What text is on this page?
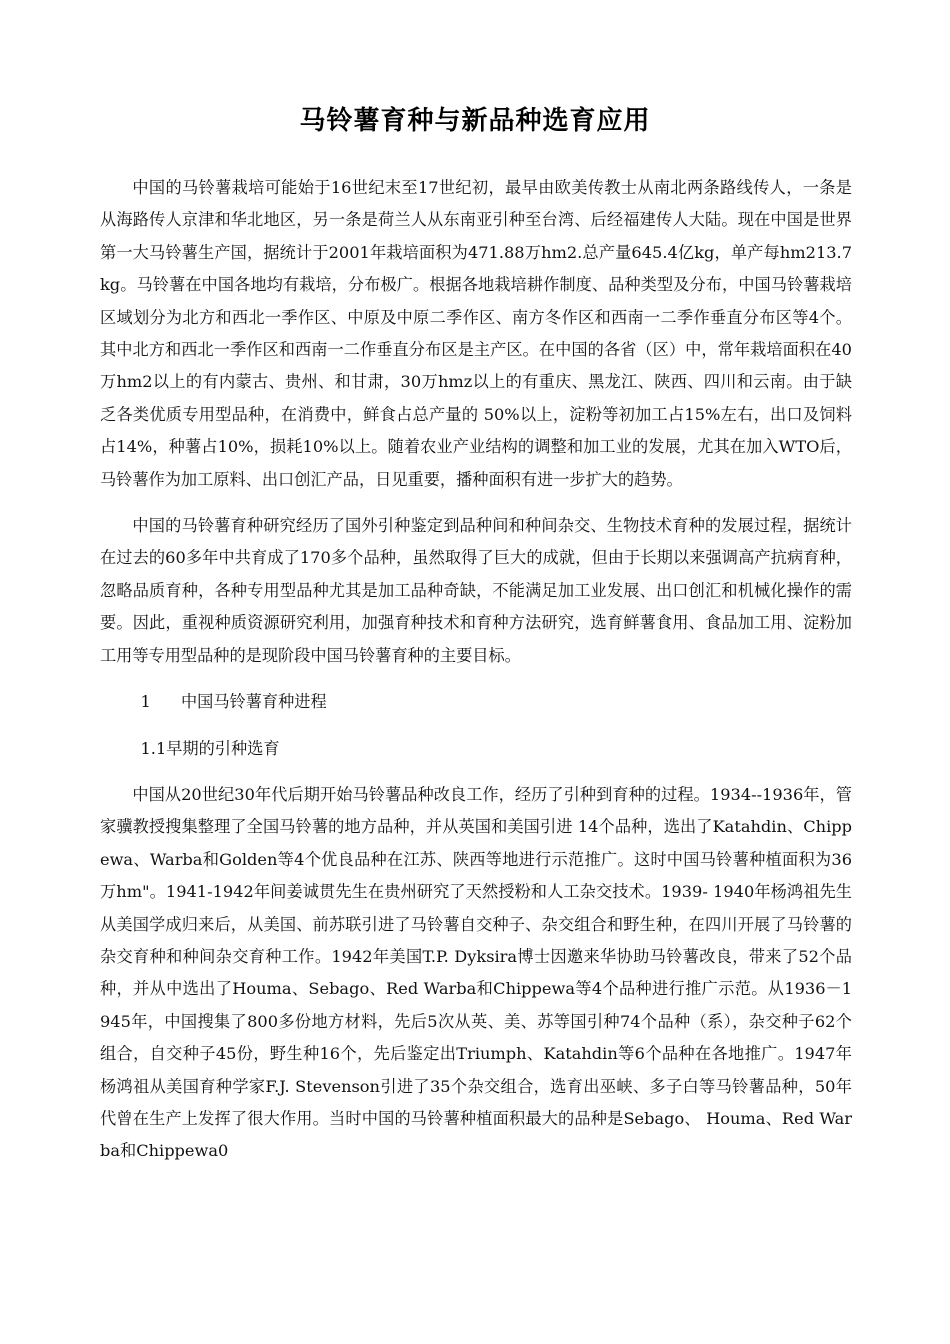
马铃薯育种与新品种选育应用

中国的马铃薯栽培可能始于16世纪末至17世纪初，最早由欧美传教士从南北两条路线传人，一条是从海路传人京津和华北地区，另一条是荷兰人从东南亚引种至台湾、后经福建传人大陆。现在中国是世界第一大马铃薯生产国，据统计于2001年栽培面积为471.88万hm2.总产量645.4亿kg，单产每hm213.7kg。马铃薯在中国各地均有栽培，分布极广。根据各地栽培耕作制度、品种类型及分布，中国马铃薯栽培区域划分为北方和西北一季作区、中原及中原二季作区、南方冬作区和西南一二季作垂直分布区等4个。其中北方和西北一季作区和西南一二作垂直分布区是主产区。在中国的各省（区）中，常年栽培面积在40万hm2以上的有内蒙古、贵州、和甘肃，30万hmz以上的有重庆、黑龙江、陕西、四川和云南。由于缺乏各类优质专用型品种，在消费中，鲜食占总产量的 50%以上，淀粉等初加工占15%左右，出口及饲料占14%，种薯占10%，损耗10%以上。随着农业产业结构的调整和加工业的发展，尤其在加入WTO后，马铃薯作为加工原料、出口创汇产品，日见重要，播种面积有进一步扩大的趋势。

中国的马铃薯育种研究经历了国外引种鉴定到品种间和种间杂交、生物技术育种的发展过程，据统计在过去的60多年中共育成了170多个品种，虽然取得了巨大的成就，但由于长期以来强调高产抗病育种，忽略品质育种，各种专用型品种尤其是加工品种奇缺，不能满足加工业发展、出口创汇和机械化操作的需要。因此，重视种质资源研究利用，加强育种技术和育种方法研究，选育鲜薯食用、食品加工用、淀粉加工用等专用型品种的是现阶段中国马铃薯育种的主要目标。

1 中国马铃薯育种进程

1.1早期的引种选育

中国从20世纪30年代后期开始马铃薯品种改良工作，经历了引种到育种的过程。1934--1936年，管家骥教授搜集整理了全国马铃薯的地方品种，并从英国和美国引进 14个品种，选出了Katahdin、Chippewa、Warba和Golden等4个优良品种在江苏、陕西等地进行示范推广。这时中国马铃薯种植面积为36万hm"。1941-1942年间姜诚贯先生在贵州研究了天然授粉和人工杂交技术。1939- 1940年杨鸿祖先生从美国学成归来后，从美国、前苏联引进了马铃薯自交种子、杂交组合和野生种，在四川开展了马铃薯的杂交育种和种间杂交育种工作。1942年美国T.P. Dyksira博士因邀来华协助马铃薯改良，带来了52个品种，并从中选出了Houma、Sebago、Red Warba和Chippewa等4个品种进行推广示范。从1936－1945年，中国搜集了800多份地方材料，先后5次从英、美、苏等国引种74个品种（系），杂交种子62个组合，自交种子45份，野生种16个，先后鉴定出Triumph、Katahdin等6个品种在各地推广。1947年杨鸿祖从美国育种学家F.J. Stevenson引进了35个杂交组合，选育出巫峡、多子白等马铃薯品种，50年代曾在生产上发挥了很大作用。当时中国的马铃薯种植面积最大的品种是Sebago、 Houma、Red Warba和Chippewa0
